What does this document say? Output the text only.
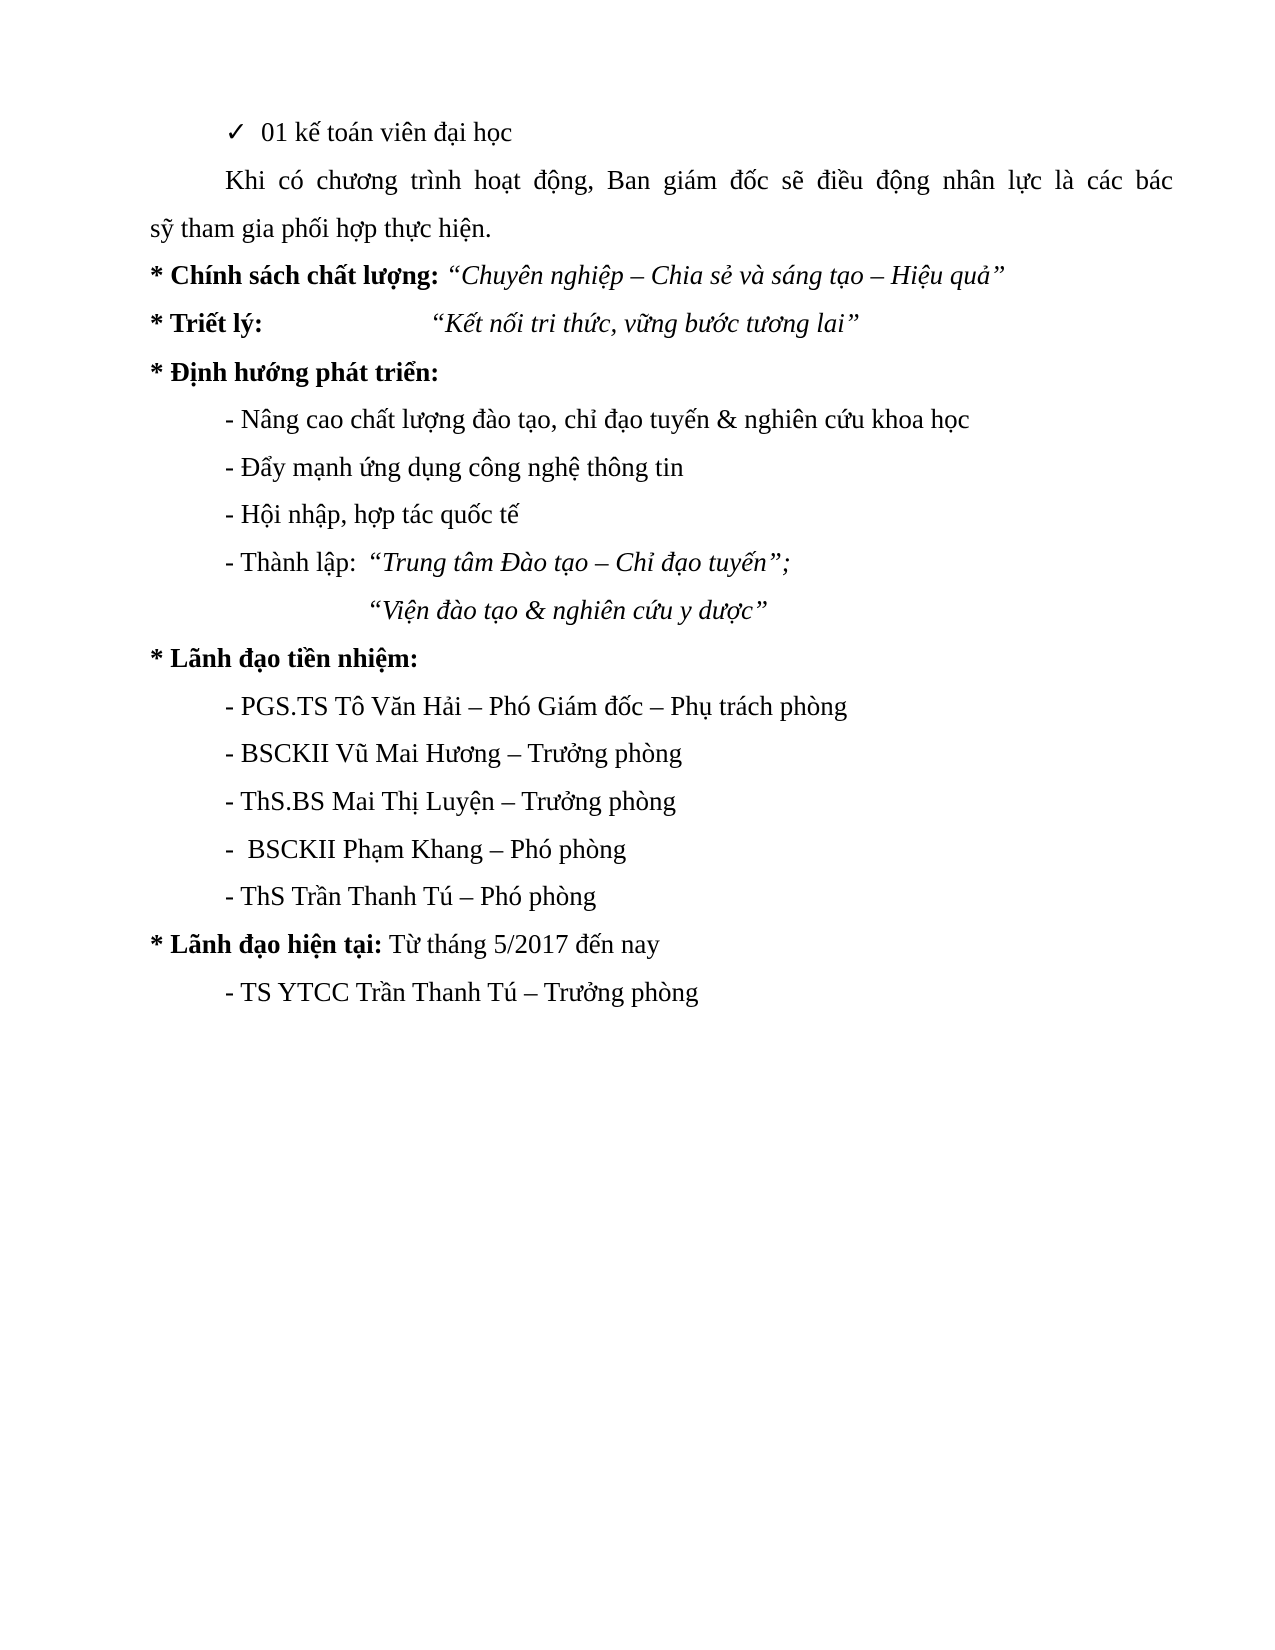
✓ 01 kế toán viên đại học
Khi có chương trình hoạt động, Ban giám đốc sẽ điều động nhân lực là các bác
sỹ tham gia phối hợp thực hiện.
* Chính sách chất lượng: “Chuyên nghiệp – Chia sẻ và sáng tạo – Hiệu quả”
* Triết lý:	“Kết nối tri thức, vững bước tương lai”
* Định hướng phát triển:
- Nâng cao chất lượng đào tạo, chỉ đạo tuyến & nghiên cứu khoa học
- Đẩy mạnh ứng dụng công nghệ thông tin
- Hội nhập, hợp tác quốc tế
- Thành lập: “Trung tâm Đào tạo – Chỉ đạo tuyến”;
“Viện đào tạo & nghiên cứu y dược”
* Lãnh đạo tiền nhiệm:
- PGS.TS Tô Văn Hải – Phó Giám đốc – Phụ trách phòng
- BSCKII Vũ Mai Hương – Trưởng phòng
- ThS.BS Mai Thị Luyện – Trưởng phòng
-  BSCKII Phạm Khang – Phó phòng
- ThS Trần Thanh Tú – Phó phòng
* Lãnh đạo hiện tại: Từ tháng 5/2017 đến nay
- TS YTCC Trần Thanh Tú – Trưởng phòng
